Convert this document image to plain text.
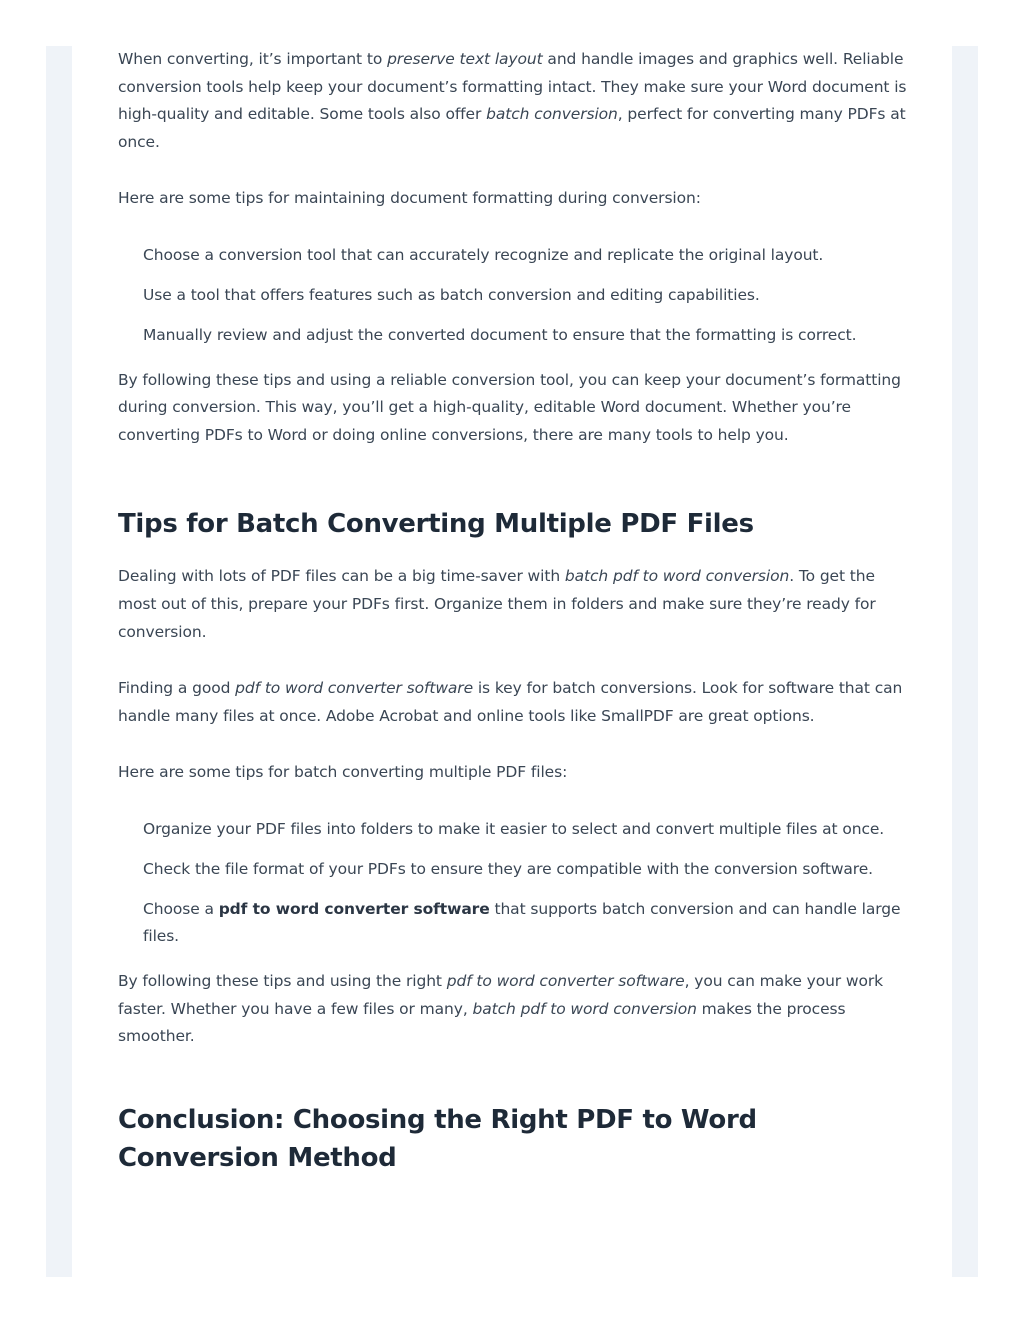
When converting, it’s important to preserve text layout and handle images and graphics well. Reliable conversion tools help keep your document’s formatting intact. They make sure your Word document is high-quality and editable. Some tools also offer batch conversion, perfect for converting many PDFs at once.

Here are some tips for maintaining document formatting during conversion:

Choose a conversion tool that can accurately recognize and replicate the original layout.
Use a tool that offers features such as batch conversion and editing capabilities.
Manually review and adjust the converted document to ensure that the formatting is correct.

By following these tips and using a reliable conversion tool, you can keep your document’s formatting during conversion. This way, you’ll get a high-quality, editable Word document. Whether you’re converting PDFs to Word or doing online conversions, there are many tools to help you.

Tips for Batch Converting Multiple PDF Files

Dealing with lots of PDF files can be a big time-saver with batch pdf to word conversion. To get the most out of this, prepare your PDFs first. Organize them in folders and make sure they’re ready for conversion.

Finding a good pdf to word converter software is key for batch conversions. Look for software that can handle many files at once. Adobe Acrobat and online tools like SmallPDF are great options.

Here are some tips for batch converting multiple PDF files:

Organize your PDF files into folders to make it easier to select and convert multiple files at once.
Check the file format of your PDFs to ensure they are compatible with the conversion software.
Choose a pdf to word converter software that supports batch conversion and can handle large files.

By following these tips and using the right pdf to word converter software, you can make your work faster. Whether you have a few files or many, batch pdf to word conversion makes the process smoother.

Conclusion: Choosing the Right PDF to Word Conversion Method
